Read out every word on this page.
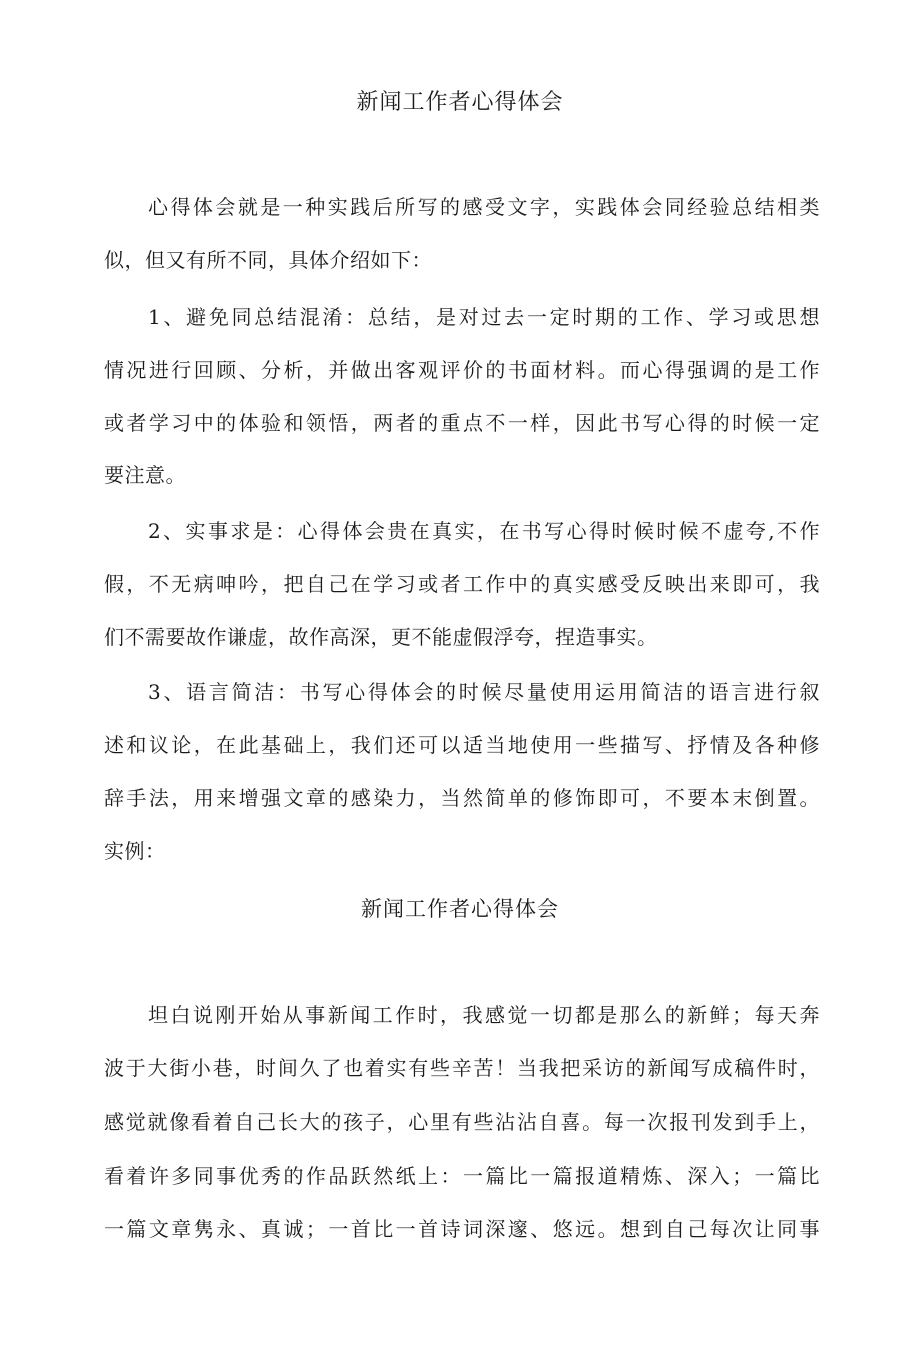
新闻工作者心得体会
心得体会就是一种实践后所写的感受文字，实践体会同经验总结相类
似，但又有所不同，具体介绍如下：
1、避免同总结混淆：总结，是对过去一定时期的工作、学习或思想
情况进行回顾、分析，并做出客观评价的书面材料。而心得强调的是工作
或者学习中的体验和领悟，两者的重点不一样，因此书写心得的时候一定
要注意。
2、实事求是：心得体会贵在真实，在书写心得时候时候不虚夸,不作
假，不无病呻吟，把自己在学习或者工作中的真实感受反映出来即可，我
们不需要故作谦虚，故作高深，更不能虚假浮夸，捏造事实。
3、语言简洁：书写心得体会的时候尽量使用运用简洁的语言进行叙
述和议论，在此基础上，我们还可以适当地使用一些描写、抒情及各种修
辞手法，用来增强文章的感染力，当然简单的修饰即可，不要本末倒置。
实例：
新闻工作者心得体会
坦白说刚开始从事新闻工作时，我感觉一切都是那么的新鲜；每天奔
波于大街小巷，时间久了也着实有些辛苦！当我把采访的新闻写成稿件时，
感觉就像看着自己长大的孩子，心里有些沾沾自喜。每一次报刊发到手上，
看着许多同事优秀的作品跃然纸上：一篇比一篇报道精炼、深入；一篇比
一篇文章隽永、真诚；一首比一首诗词深邃、悠远。想到自己每次让同事
